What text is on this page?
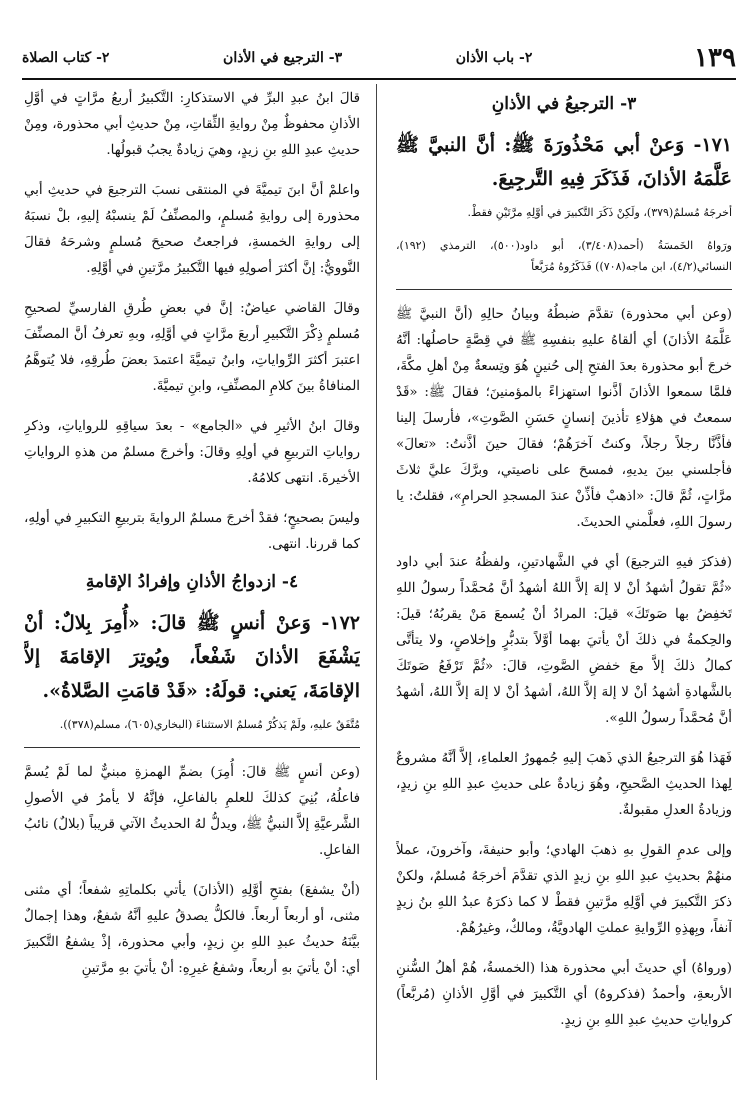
١٣٩
٢- باب الأذان
٣- الترجيع في الأذان
٢- كتاب الصلاة
٣- الترجيعُ في الأذانِ

١٧١- وَعنْ أبي مَحْذُورَةَ ﷺ: أنَّ النبيَّ ﷺ عَلَّمَهُ الأذانَ، فَذَكَرَ فِيهِ التَّرجِيعَ.

أخرجَهُ مُسلمٌ(٣٧٩)، ولَكِنْ ذَكَرَ التَّكبيرَ في أوَّلِهِ مرَّتَيْنِ فقطْ.

ورَواهُ الخَمسَةُ (أحمد(٣/٤٠٨)، أبو داود(٥٠٠)، الترمذي (١٩٢)، النسائي(٤/٢)، ابن ماجه(٧٠٨)) فَذَكَرُوهُ مُرَبَّعاً

(وعن أبي محذورة) تقدَّمَ ضبطُهُ وبيانُ حالِهِ (أنَّ النبيَّ ﷺ عَلَّمَهُ الأذانَ) أي ألقاهُ عليهِ بنفسِهِ ﷺ في قِصَّةٍ حاصلُها: أنَّهُ خرجَ أبو محذورة بعدَ الفتحِ إلى حُنينٍ هُوَ وتِسعةٌ مِنْ أهلِ مكَّةَ، فلمَّا سمعوا الأذانَ أذَّنوا استهزاءً بالمؤمنينَ؛ فقالَ ﷺ: «قَدْ سمعتُ في هؤلاءِ تأذينَ إنسانٍ حَسَنِ الصَّوتِ»، فأرسلَ إلينا فأذَّنَّا رجلاً رجلاً، وكنتُ آخرَهُمْ؛ فقالَ حينَ أذَّنتُ: «تعالَ» فأجلسني بينَ يديهِ، فمسحَ على ناصيتي، وبرَّكَ عليَّ ثلاثَ مرَّاتٍ، ثُمَّ قالَ: «اذهبْ فأذِّنْ عندَ المسجدِ الحرامِ»، فقلتُ: يا رسولَ اللهِ، فعلَّمني الحديثَ.

(فذكرَ فيهِ الترجيعَ) أي في الشَّهادتينِ، ولفظُهُ عندَ أبي داود «ثُمَّ تقولُ أشهدُ أنْ لا إلهَ إلاَّ اللهُ أشهدُ أنَّ مُحمَّداً رسولُ اللهِ تَخفِضُ بها صَوتَكَ» قيلَ: المرادُ أنْ يُسمعَ مَنْ يقربُهُ؛ قيلَ: والحِكمةُ في ذلكَ أنْ يأتيَ بهما أوَّلاً بتدبُّرٍ وإخلاصٍ، ولا يتأتَّى كمالُ ذلكَ إلاَّ معَ خفضِ الصَّوتِ، قالَ: «ثُمَّ تَرْفَعُ صَوتَكَ بالشَّهادةِ أشهدُ أنْ لا إلهَ إلاَّ اللهُ، أشهدُ أنْ لا إلهَ إلاَّ اللهُ، أشهدُ أنَّ مُحمَّداً رسولُ اللهِ».

فَهَذا هُوَ الترجيعُ الذي ذَهبَ إليهِ جُمهورُ العلماءِ، إلاَّ أنَّهُ مشروعٌ لِهذا الحديثِ الصَّحيحِ، وهُوَ زيادةٌ على حديثِ عبدِ اللهِ بنِ زيدٍ، وزيادةُ العدلِ مقبولةٌ.

وإلى عدمِ القولِ بهِ ذهبَ الهادي؛ وأبو حنيفةَ، وآخرونَ، عملاً منهُمْ بحديثِ عبدِ اللهِ بنِ زيدٍ الذي تقدَّمَ أخرجَهُ مُسلمٌ، ولكنْ ذكرَ التَّكبيرَ في أوَّلِهِ مرَّتينِ فقطْ لا كما ذكرَهُ عبدُ اللهِ بنُ زيدٍ آنفاً، وبِهذِهِ الرِّوايةِ عملتِ الهادويَّةُ، ومالكٌ، وغيرُهُمْ.

(ورواهُ) أي حديثَ أبي محذورة هذا (الخمسةُ، هُمْ أهلُ السُّننِ الأربعةِ، وأحمدُ (فذكروهُ) أي التَّكبيرَ في أوَّلِ الأذانِ (مُربَّعاً) كرواياتِ حديثِ عبدِ اللهِ بنِ زيدٍ.

قالَ ابنُ عبدِ البرِّ في الاستذكارِ: التَّكبيرُ أربعُ مرَّاتٍ في أوَّلِ الأذانِ محفوظٌ مِنْ روايةِ الثِّقاتِ، مِنْ حديثِ أبي محذورة، ومِنْ حديثِ عبدِ اللهِ بنِ زيدٍ، وهيَ زيادةٌ يجبُ قبولُها.

واعلمْ أنَّ ابنَ تيميَّةَ في المنتقى نسبَ الترجيعَ في حديثِ أبي محذورة إلى روايةِ مُسلمٍ، والمصنِّفُ لَمْ ينسبْهُ إليهِ، بلْ نسبَهُ إلى روايةِ الخمسةِ، فراجعتُ صحيحَ مُسلمٍ وشرحَهُ فقالَ النَّوويُّ: إنَّ أكثرَ أصولِهِ فيها التَّكبيرُ مرَّتينِ في أوَّلِهِ.

وقالَ القاضي عياضٌ: إنَّ في بعضِ طُرقِ الفارسيِّ لصحيحِ مُسلمٍ ذِكْرَ التَّكبيرِ أربعَ مرَّاتٍ في أوَّلِهِ، وبهِ تعرفُ أنَّ المصنِّفَ اعتبرَ أكثرَ الرِّواياتِ، وابنُ تيميَّةَ اعتمدَ بعضَ طُرقِهِ، فلا يُتوهَّمُ المنافاةُ بينَ كلامِ المصنِّفِ، وابنِ تيميَّةَ.

وقالَ ابنُ الأثيرِ في «الجامع» - بعدَ سياقِهِ للرواياتِ، وذكرِ رواياتِ التربيعِ في أولِهِ وقالَ: وأخرجَ مسلمٌ من هذهِ الرواياتِ الأخيرةَ. انتهى كلامُهُ.

وليسَ بصحيحٍ؛ فقدْ أخرجَ مسلمٌ الروايةَ بتربيعِ التكبيرِ في أولِهِ، كما قررنا. انتهى.

٤- ازدواجُ الأذانِ وإفرادُ الإقامةِ

١٧٢- وَعنْ أنسٍ ﷺ قالَ: «أُمِرَ بِلالٌ: أنْ يَشْفَعَ الأذانَ شَفْعاً، ويُوتِرَ الإقامَةَ إلاَّ الإقامَةَ، يَعني: قولَهُ: «قَدْ قامَتِ الصَّلاةُ».

مُتَّفَقٌ عليهِ، ولَمْ يَذكُرْ مُسلمٌ الاستثناءَ (البخاري(٦٠٥)، مسلم(٣٧٨)).

(وعن أنسٍ ﷺ قالَ: أُمِرَ) بضمِّ الهمزةِ مبنيٌّ لما لَمْ يُسمَّ فاعلُهُ، بُنِيَ كذلكَ للعلمِ بالفاعلِ، فإنَّهُ لا يأمرُ في الأصولِ الشَّرعيَّةِ إلاَّ النبيُّ ﷺ، ويدلُّ لهُ الحديثُ الآتي قريباً (بلالٌ) نائبُ الفاعلِ.

(أنْ يشفعَ) بفتحِ أوَّلِهِ (الأذانَ) يأتي بكلماتِهِ شفعاً؛ أي مثنى مثنى، أو أربعاً أربعاً. فالكلُّ يصدقُ عليهِ أنَّهُ شفعٌ، وهذا إجمالٌ بيَّنَهُ حديثُ عبدِ اللهِ بنِ زيدٍ، وأبي محذورة، إذْ يشفعُ التَّكبيرَ أي: أنْ يأتيَ بهِ أربعاً، وشفعُ غيرِهِ: أنْ يأتيَ بهِ مرَّتينِ
